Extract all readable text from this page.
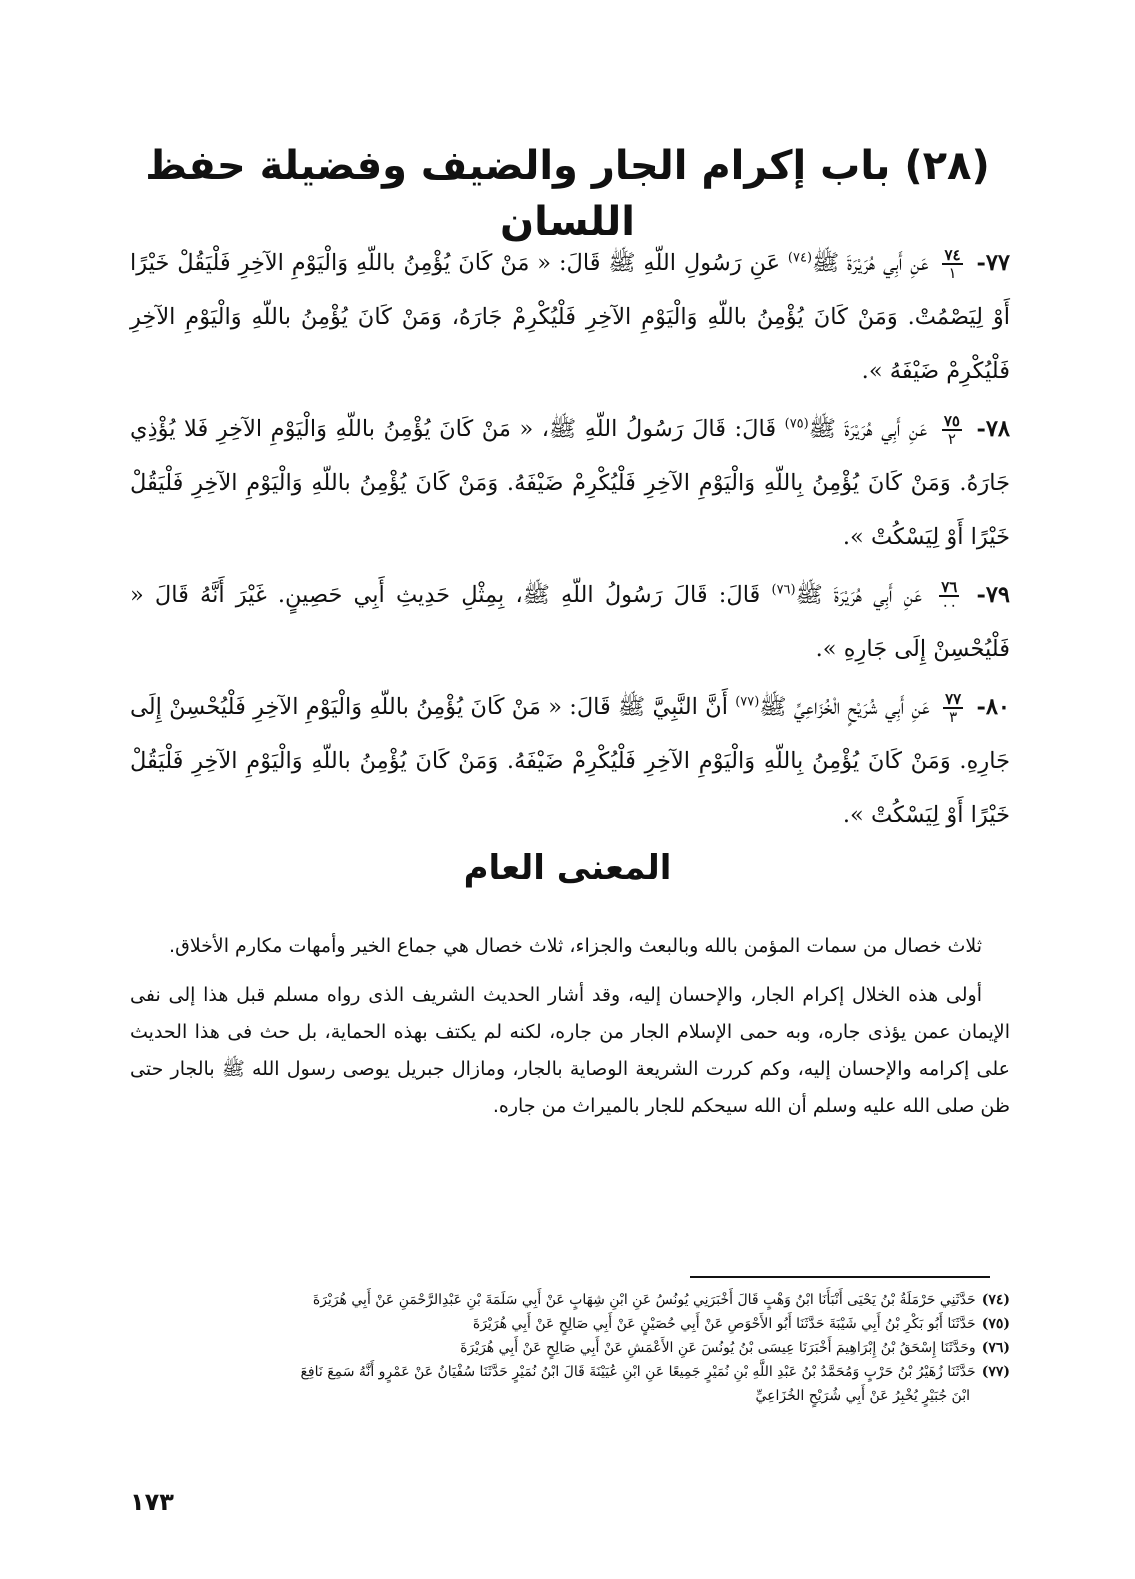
(٢٨) باب إكرام الجار والضيف وفضيلة حفظ اللسان

٧٧-
٧٤
١
عَنِ أَبِي هُرَيْرَةَ ﷺ$^{(٧٤)}$ عَنِ رَسُولِ اللّهِ ﷺ قَالَ: « مَنْ كَانَ يُؤْمِنُ باللّهِ وَالْيَوْمِ الآخِرِ فَلْيَقُلْ خَيْرًا أَوْ لِيَصْمُتْ. وَمَنْ كَانَ يُؤْمِنُ باللّهِ وَالْيَوْمِ الآخِرِ فَلْيُكْرِمْ جَارَهُ، وَمَنْ كَانَ يُؤْمِنُ باللّهِ وَالْيَوْمِ الآخِرِ فَلْيُكْرِمْ ضَيْفَهُ ».

٧٨-
٧٥
٢
عَنِ أَبِي هُرَيْرَةَ ﷺ$^{(٧٥)}$ قَالَ: قَالَ رَسُولُ اللّهِ ﷺ، « مَنْ كَانَ يُؤْمِنُ باللّهِ وَالْيَوْمِ الآخِرِ فَلا يُؤْذِي جَارَهُ. وَمَنْ كَانَ يُؤْمِنُ بِاللّهِ وَالْيَوْمِ الآخِرِ فَلْيُكْرِمْ ضَيْفَهُ. وَمَنْ كَانَ يُؤْمِنُ باللّهِ وَالْيَوْمِ الآخِرِ فَلْيَقُلْ خَيْرًا أَوْ لِيَسْكُتْ ».

٧٩-
٧٦
٠٠
عَنِ أَبِي هُرَيْرَةَ ﷺ$^{(٧٦)}$ قَالَ: قَالَ رَسُولُ اللّهِ ﷺ، بِمِثْلِ حَدِيثِ أَبِي حَصِينٍ. غَيْرَ أَنَّهُ قَالَ « فَلْيُحْسِنْ إِلَى جَارِهِ ».

٨٠-
٧٧
٣
عَنِ أَبِي شُرَيْحٍ الْخُزَاعِيِّ ﷺ$^{(٧٧)}$ أَنَّ النَّبِيَّ ﷺ قَالَ: « مَنْ كَانَ يُؤْمِنُ باللّهِ وَالْيَوْمِ الآخِرِ فَلْيُحْسِنْ إِلَى جَارِهِ. وَمَنْ كَانَ يُؤْمِنُ بِاللّهِ وَالْيَوْمِ الآخِرِ فَلْيُكْرِمْ ضَيْفَهُ. وَمَنْ كَانَ يُؤْمِنُ باللّهِ وَالْيَوْمِ الآخِرِ فَلْيَقُلْ خَيْرًا أَوْ لِيَسْكُتْ ».

المعنى العام

ثلاث خصال من سمات المؤمن بالله وبالبعث والجزاء، ثلاث خصال هي جماع الخير وأمهات مكارم الأخلاق.

أولى هذه الخلال إكرام الجار، والإحسان إليه، وقد أشار الحديث الشريف الذى رواه مسلم قبل هذا إلى نفى الإيمان عمن يؤذى جاره، وبه حمى الإسلام الجار من جاره، لكنه لم يكتف بهذه الحماية، بل حث فى هذا الحديث على إكرامه والإحسان إليه، وكم كررت الشريعة الوصاية بالجار، ومازال جبريل يوصى رسول الله ﷺ بالجار حتى ظن صلى الله عليه وسلم أن الله سيحكم للجار بالميراث من جاره.

(٧٤)حَدَّثَنِي حَرْمَلَةُ بْنُ يَحْيَى أَنْبَأَنَا ابْنُ وَهْبٍ قَالَ أَخْبَرَنِي يُونُسُ عَنِ ابْنِ شِهَابٍ عَنْ أَبِي سَلَمَةَ بْنِ عَبْدِالرَّحْمَنِ عَنْ أَبِي هُرَيْرَةَ

(٧٥)حَدَّثَنَا أَبُو بَكْرِ بْنُ أَبِي شَيْبَةَ حَدَّثَنَا أَبُو الأَحْوَصِ عَنْ أَبِي حُصَيْنٍ عَنْ أَبِي صَالِحٍ عَنْ أَبِي هُرَيْرَةَ

(٧٦)وحَدَّثَنَا إِسْحَقُ بْنُ إِبْرَاهِيمَ أَخْبَرَنَا عِيسَى بْنُ يُونُسَ عَنِ الأَعْمَشِ عَنْ أَبِي صَالِحٍ عَنْ أَبِي هُرَيْرَةَ

(٧٧)حَدَّثَنَا زُهَيْرُ بْنُ حَرْبٍ وَمُحَمَّدُ بْنُ عَبْدِ اللَّهِ بْنِ نُمَيْرٍ جَمِيعًا عَنِ ابْنِ عُيَيْنَةَ قَالَ ابْنُ نُمَيْرٍ حَدَّثَنَا سُفْيَانُ عَنْ عَمْرٍو أَنَّهُ سَمِعَ نَافِعَ

ابْنَ جُبَيْرٍ يُخْبِرُ عَنْ أَبِي شُرَيْحٍ الخُزَاعِيِّ

١٧٣
